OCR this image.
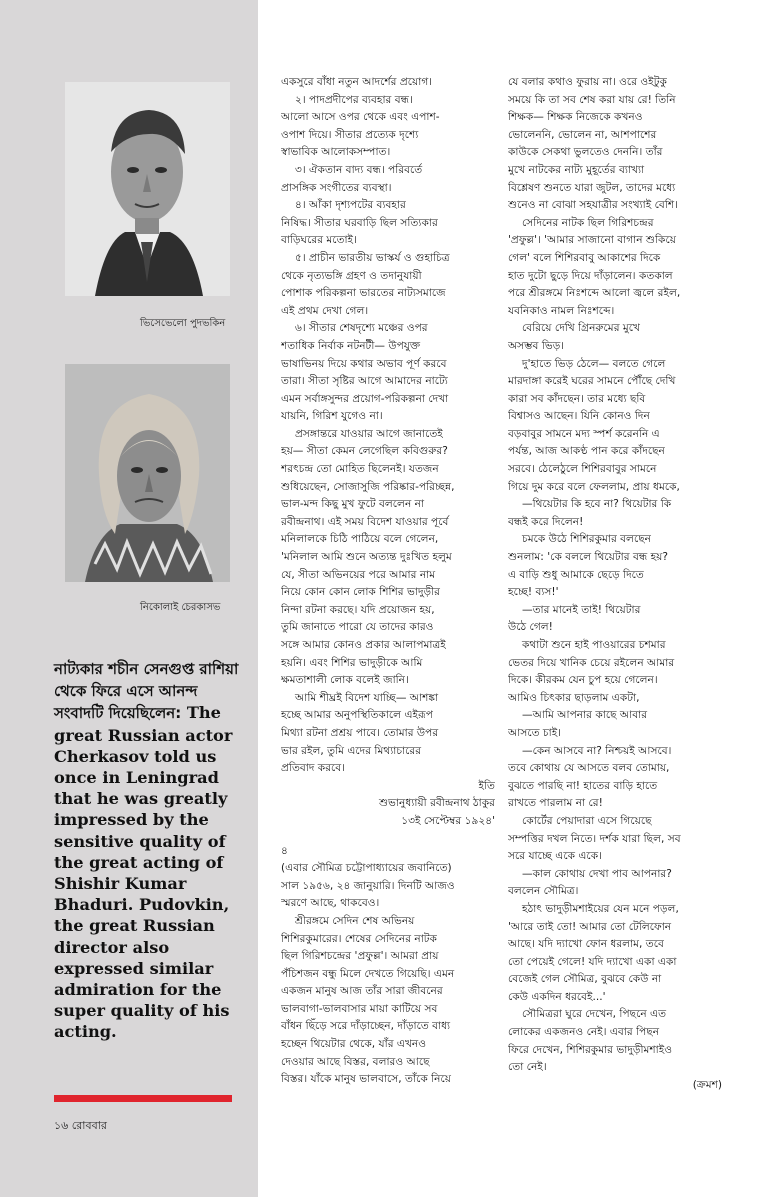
ভিসেভেলো পুদভকিন
নিকোলাই চেরকাসভ
নাট্যকার শচীন সেনগুপ্ত রাশিয়া থেকে ফিরে এসে আনন্দ সংবাদটি দিয়েছিলেন: The great Russian actor Cherkasov told us once in Leningrad that he was greatly impressed by the sensitive quality of the great acting of Shishir Kumar Bhaduri. Pudovkin, the great Russian director also expressed similar admiration for the super quality of his acting.
১৬ রোববার

একসুরে বাঁধা নতুন আদর্শের প্রয়োগ।

২। পাদপ্রদীপের ব্যবহার বন্ধ।

আলো আসে ওপর থেকে এবং এপাশ-

ওপাশ দিয়ে। সীতার প্রত্যেক দৃশ্যে

স্বাভাবিক আলোকসম্পাত।

৩। ঐকতান বাদ্য বন্ধ। পরিবর্তে

প্রাসঙ্গিক সংগীতের ব্যবস্থা।

৪। আঁকা দৃশ্যপটের ব্যবহার

নিষিদ্ধ। সীতার ঘরবাড়ি ছিল সত্যিকার

বাড়িঘরের মতোই।

৫। প্রাচীন ভারতীয় ভাস্কর্য ও গুহাচিত্র

থেকে নৃত্যভঙ্গি গ্রহণ ও তদানুযায়ী

পোশাক পরিকল্পনা ভারতের নাট্যসমাজে

এই প্রথম দেখা গেল।

৬। সীতার শেষদৃশ্যে মঞ্চের ওপর

শতাধিক নির্বাক নটনটী— উপযুক্ত

ভাষাভিনয় দিয়ে কথার অভাব পূর্ণ করবে

তারা। সীতা সৃষ্টির আগে আমাদের নাট্যে

এমন সর্বাঙ্গসুন্দর প্রয়োগ-পরিকল্পনা দেখা

যায়নি, গিরিশ যুগেও না।

প্রসঙ্গান্তরে যাওয়ার আগে জানাতেই

হয়— সীতা কেমন লেগেছিল কবিগুরুর?

শরৎচন্দ্র তো মোহিত ছিলেনই। যতজন

শুধিয়েছেন, সোজাসুজি পরিষ্কার-পরিচ্ছন্ন,

ভাল-মন্দ কিছু মুখ ফুটে বললেন না

রবীন্দ্রনাথ। এই সময় বিদেশ যাওয়ার পূর্বে

মনিলালকে চিঠি পাঠিয়ে বলে গেলেন,

'মনিলাল আমি শুনে অত্যন্ত দুঃখিত হলুম

যে, সীতা অভিনয়ের পরে আমার নাম

নিয়ে কোন কোন লোক শিশির ভাদুড়ীর

নিন্দা রটনা করছে। যদি প্রয়োজন হয়,

তুমি জানাতে পারো যে তাদের কারও

সঙ্গে আমার কোনও প্রকার আলাপমাত্রই

হয়নি। এবং শিশির ভাদুড়ীকে আমি

ক্ষমতাশালী লোক বলেই জানি।

আমি শীঘ্রই বিদেশ যাচ্ছি— আশঙ্কা

হচ্ছে আমার অনুপস্থিতিকালে এইরূপ

মিথ্যা রটনা প্রশ্রয় পাবে। তোমার উপর

ভার রইল, তুমি এদের মিথ্যাচারের

প্রতিবাদ করবে।

ইতি

শুভানুধ্যায়ী রবীন্দ্রনাথ ঠাকুর

১৩ই সেপ্টেম্বর ১৯২৪'

৪

(এবার সৌমিত্র চট্টোপাধ্যায়ের জবানিতে)

সাল ১৯৫৬, ২৪ জানুয়ারি। দিনটি আজও

স্মরণে আছে, থাকবেও।

শ্রীরঙ্গমে সেদিন শেষ অভিনয়

শিশিরকুমারের। শেষের সেদিনের নাটক

ছিল গিরিশচন্দ্রের 'প্রফুল্ল'। আমরা প্রায়

পঁচিশজন বন্ধু মিলে দেখতে গিয়েছি। এমন

একজন মানুষ আজ তাঁর সারা জীবনের

ভালবাগা-ভালবাসার মায়া কাটিয়ে সব

বাঁধন ছিঁড়ে সরে দাঁড়াচ্ছেন, দাঁড়াতে বাধ্য

হচ্ছেন থিয়েটার থেকে, যাঁর এখনও

দেওয়ার আছে বিস্তর, বলারও আছে

বিস্তর। যাঁকে মানুষ ভালবাসে, তাঁকে নিয়ে

যে বলার কথাও ফুরায় না। ওরে ওইটুকু

সময়ে কি তা সব শেষ করা যায় রে! তিনি

শিক্ষক— শিক্ষক নিজেকে কখনও

ভোলেননি, ভোলেন না, আশপাশের

কাউকে সেকথা ভুলতেও দেননি। তাঁর

মুখে নাটকের নাট্য মুহূর্তের ব্যাখ্যা

বিশ্লেষণ শুনতে যারা জুটল, তাদের মধ্যে

শুনেও না বোঝা সহযাত্রীর সংখ্যাই বেশি।

সেদিনের নাটক ছিল গিরিশচন্দ্রর

'প্রফুল্ল'। 'আমার সাজানো বাগান শুকিয়ে

গেল' বলে শিশিরবাবু আকাশের দিকে

হাত দুটো ছুড়ে দিয়ে দাঁড়ালেন। কতকাল

পরে শ্রীরঙ্গমে নিঃশব্দে আলো জ্বলে রইল,

যবনিকাও নামল নিঃশব্দে।

বেরিয়ে দেখি গ্রিনরুমের মুখে

অসম্ভব ভিড়।

দু'হাতে ভিড় ঠেলে— বলতে গেলে

মারদাঙ্গা করেই ঘরের সামনে পৌঁছে দেখি

কারা সব কাঁদছেন। তার মধ্যে ছবি

বিশ্বাসও আছেন। যিনি কোনও দিন

বড়বাবুর সামনে মদ্য স্পর্শ করেননি এ

পর্যন্ত, আজ আকণ্ঠ পান করে কাঁদছেন

সরবে। ঠেলেঠুলে শিশিরবাবুর সামনে

গিয়ে দুম করে বলে ফেললাম, প্রায় ধমকে,

—থিয়েটার কি হবে না? থিয়েটার কি

বন্ধই করে দিলেন!

চমকে উঠে শিশিরকুমার বলছেন

শুনলাম: 'কে বললে থিয়েটার বন্ধ হয়?

এ বাড়ি শুধু আমাকে ছেড়ে দিতে

হচ্ছে! ব্যস!'

—তার মানেই তাই! থিয়েটার

উঠে গেল!

কথাটা শুনে হাই পাওয়ারের চশমার

ভেতর দিয়ে খানিক চেয়ে রইলেন আমার

দিকে। কীরকম যেন চুপ হয়ে গেলেন।

আমিও চিৎকার ছাড়লাম একটা,

—আমি আপনার কাছে আবার

আসতে চাই।

—কেন আসবে না? নিশ্চয়ই আসবে।

তবে কোথায় যে আসতে বলব তোমায়,

বুঝতে পারছি না! হাতের বাড়ি হাতে

রাখতে পারলাম না রে!

কোর্টের পেয়াদারা এসে গিয়েছে

সম্পত্তির দখল নিতে। দর্শক যারা ছিল, সব

সরে যাচ্ছে একে একে।

—কাল কোথায় দেখা পাব আপনার?

বললেন সৌমিত্র।

হঠাৎ ভাদুড়ীমশাইয়ের যেন মনে পড়ল,

'আরে তাই তো! আমার তো টেলিফোন

আছে। যদি দ্যাখো ফোন ধরলাম, তবে

তো পেয়েই গেলে! যদি দ্যাখো একা একা

বেজেই গেল সৌমিত্র, বুঝবে কেউ না

কেউ একদিন ধরবেই...'

সৌমিত্ররা ঘুরে দেখেন, পিছনে এত

লোকের একজনও নেই। এবার পিছন

ফিরে দেখেন, শিশিরকুমার ভাদুড়ীমশাইও

তো নেই।

(ক্রমশ)
